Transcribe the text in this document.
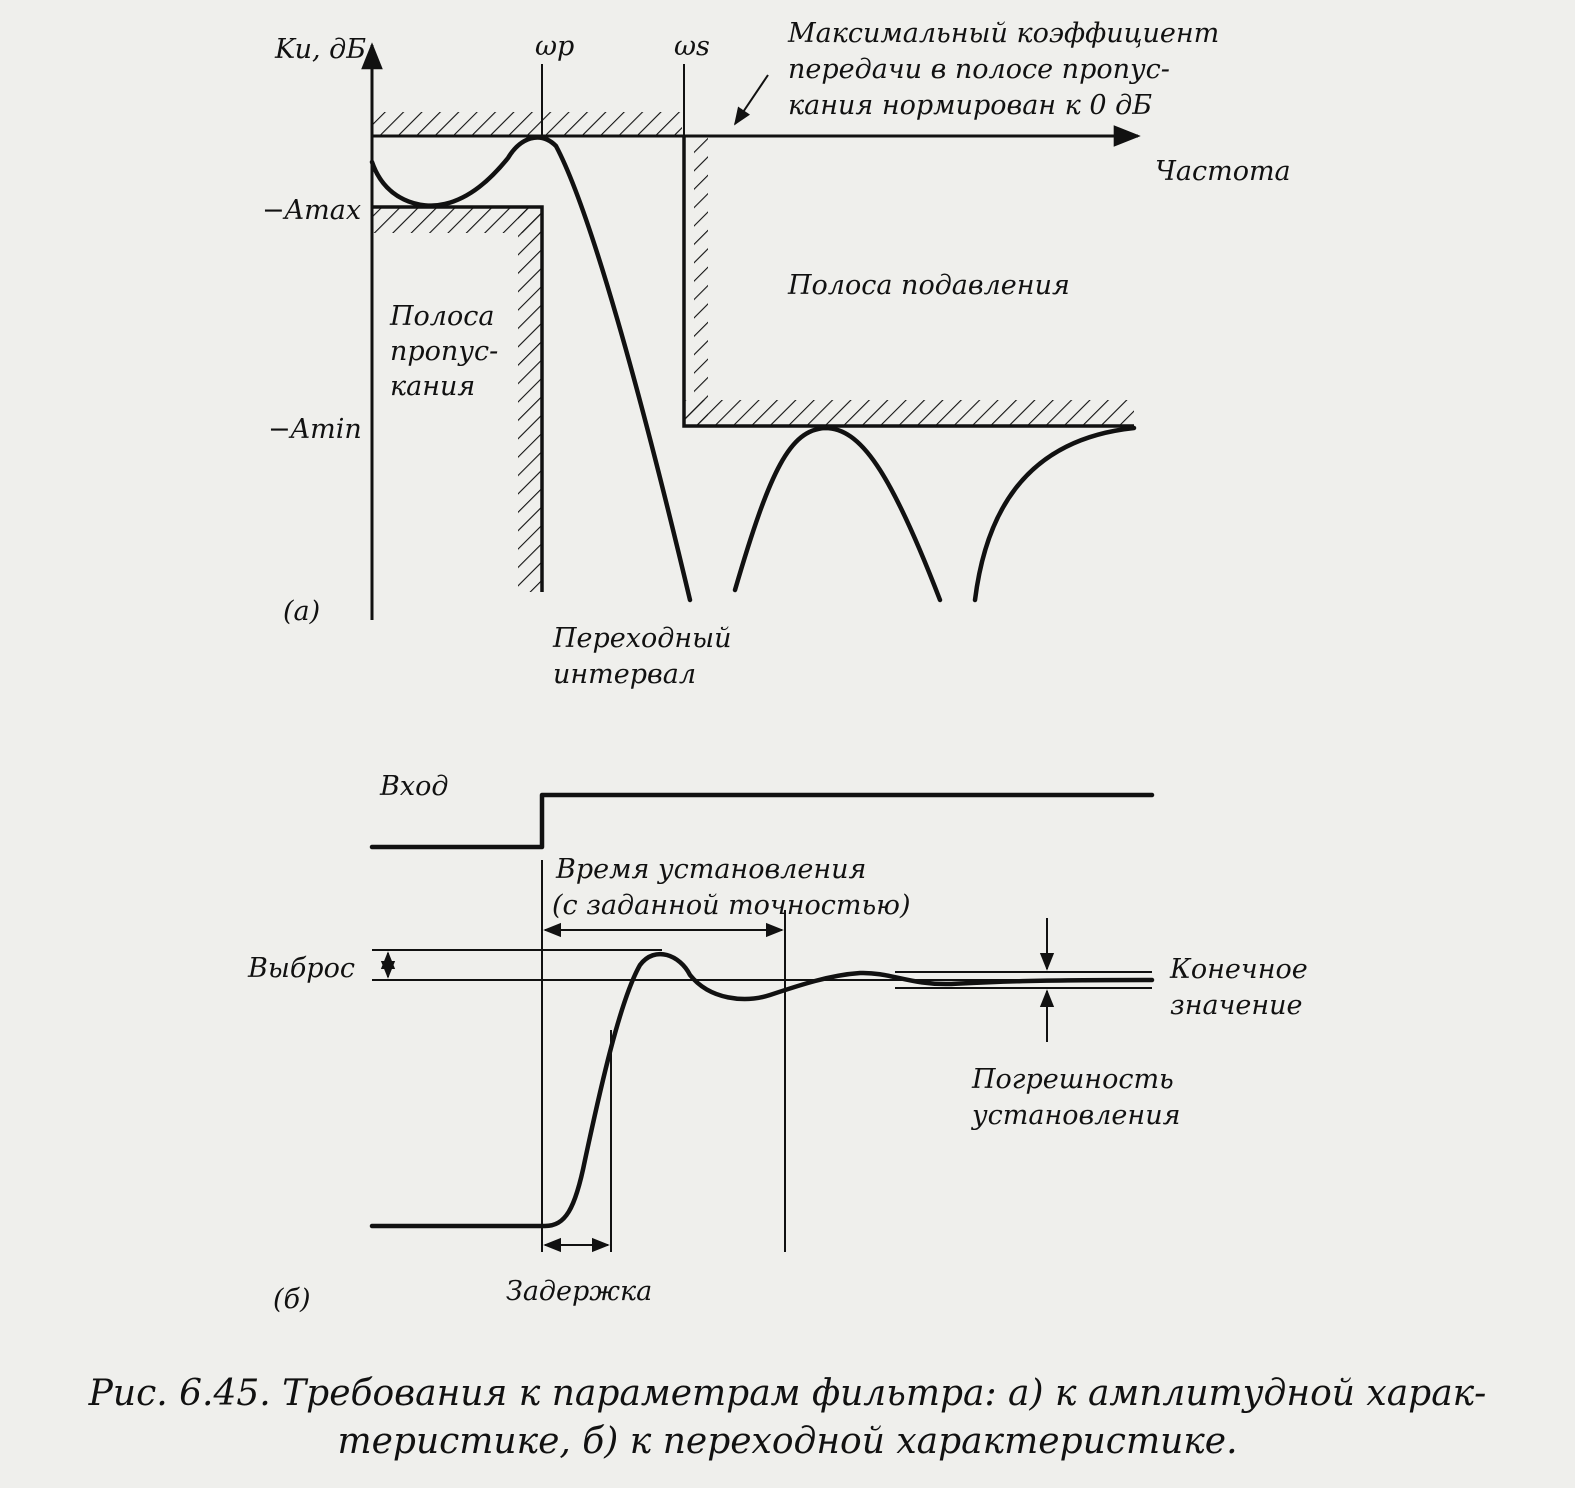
Ku, дБ	ωp	ωs	Максимальный коэффициент
передачи в полосе пропус-
кания нормирован к 0 дБ
Частота
−Amax
−Amin
Полоса
пропус-
кания
Полоса подавления
(a)
Переходный
интервал
Вход
Время установления
(с заданной точностью)
Выброс
Задержка
Конечное
значение
Погрешность
установления
(б)
Рис. 6.45. Требования к параметрам фильтра: а) к амплитудной харак-
теристике, б) к переходной характеристике.
